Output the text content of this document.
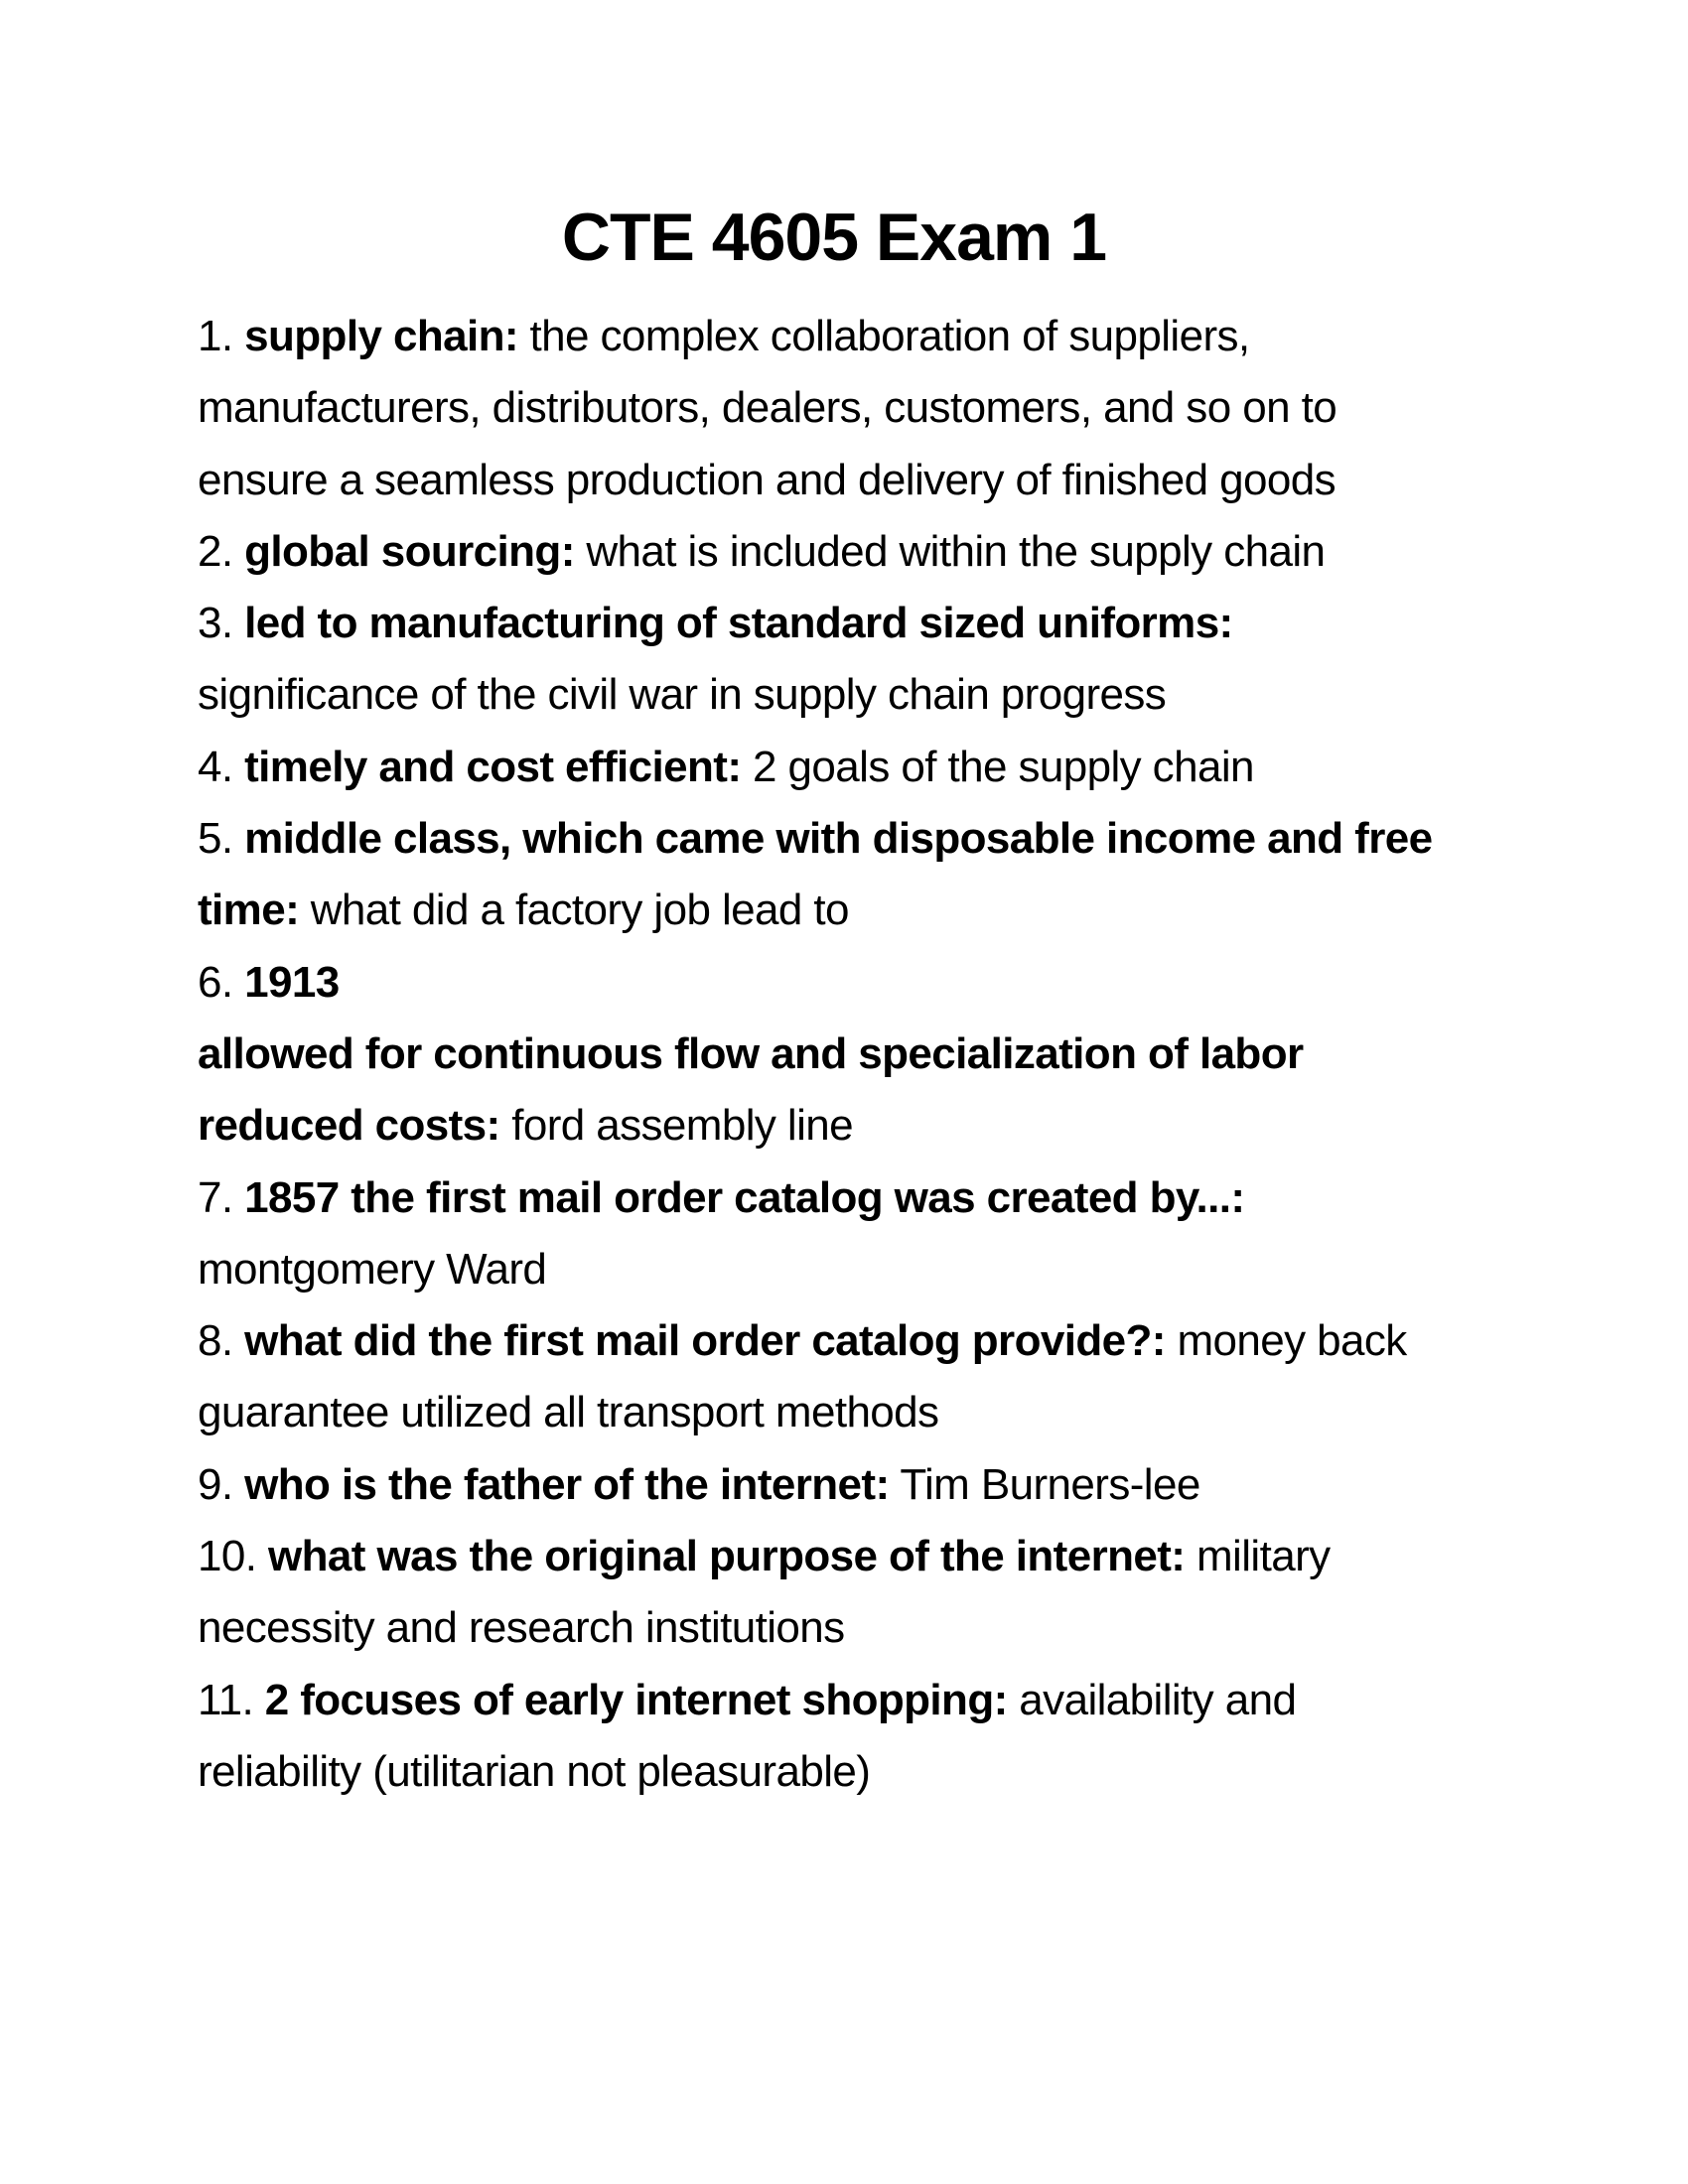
CTE 4605 Exam 1
1. supply chain: the complex collaboration of suppliers,
manufacturers, distributors, dealers, customers, and so on to
ensure a seamless production and delivery of finished goods
2. global sourcing: what is included within the supply chain
3. led to manufacturing of standard sized uniforms:
significance of the civil war in supply chain progress
4. timely and cost efficient: 2 goals of the supply chain
5. middle class, which came with disposable income and free
time: what did a factory job lead to
6. 1913
allowed for continuous flow and specialization of labor
reduced costs: ford assembly line
7. 1857 the first mail order catalog was created by...:
montgomery Ward
8. what did the first mail order catalog provide?: money back
guarantee utilized all transport methods
9. who is the father of the internet: Tim Burners-lee
10. what was the original purpose of the internet: military
necessity and research institutions
11. 2 focuses of early internet shopping: availability and
reliability (utilitarian not pleasurable)
